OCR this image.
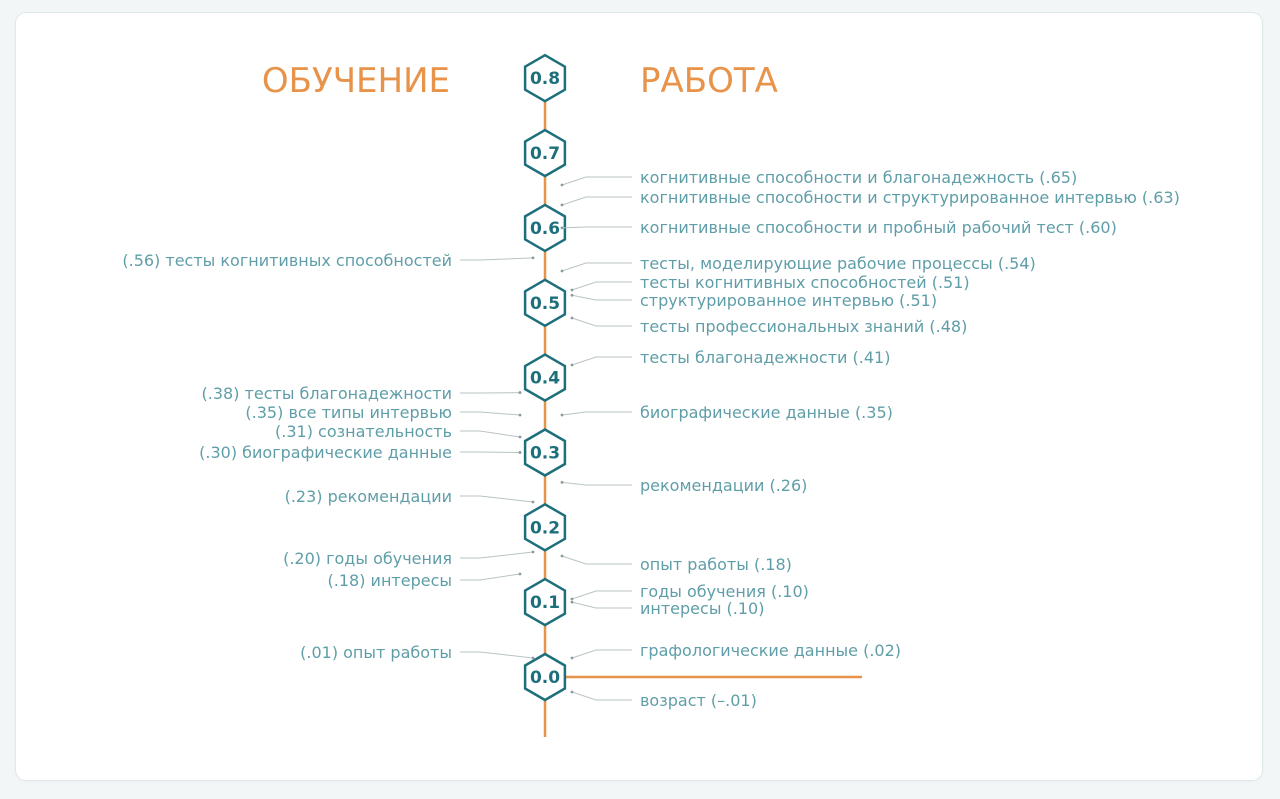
ОБУЧЕНИЕ	РАБОТА
0.8
0.7
0.6
0.5
0.4
0.3
0.2
0.1
0.0
(.56) тесты когнитивных способностей
(.38) тесты благонадежности
(.35) все типы интервью
(.31) сознательность
(.30) биографические данные
(.23) рекомендации
(.20) годы обучения
(.18) интересы
(.01) опыт работы
когнитивные способности и благонадежность (.65)
когнитивные способности и структурированное интервью (.63)
когнитивные способности и пробный рабочий тест (.60)
тесты, моделирующие рабочие процессы (.54)
тесты когнитивных способностей (.51)
структурированное интервью (.51)
тесты профессиональных знаний (.48)
тесты благонадежности (.41)
биографические данные (.35)
рекомендации (.26)
опыт работы (.18)
годы обучения (.10)
интересы (.10)
графологические данные (.02)
возраст (–.01)
